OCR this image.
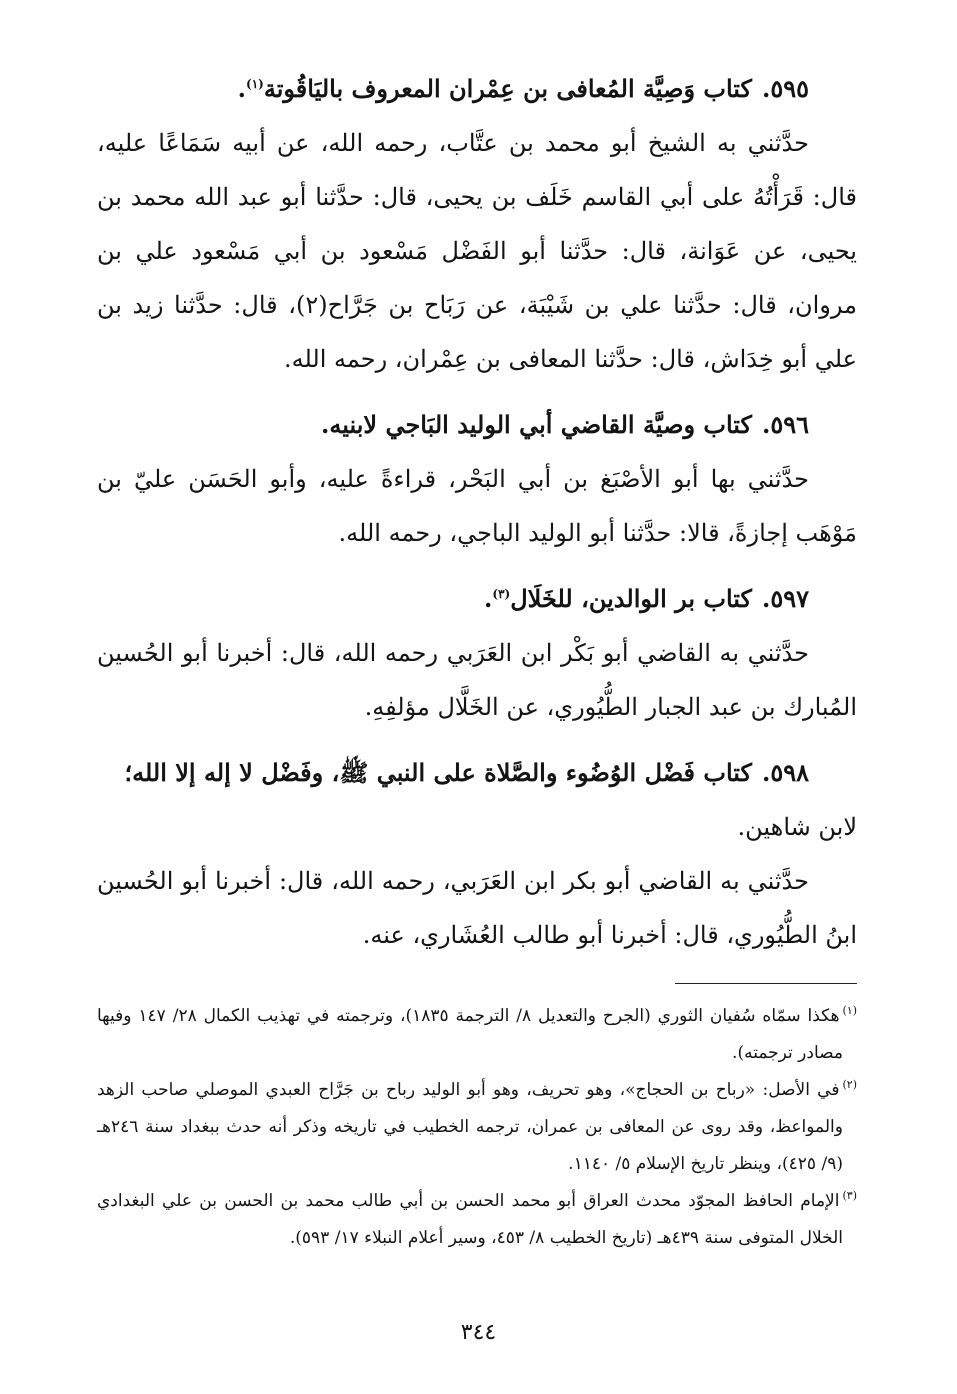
٥٩٥.كتاب وَصِيَّة المُعافى بن عِمْران المعروف باليَاقُوتة$^{(١)}$.

حدَّثني به الشيخ أبو محمد بن عتَّاب، رحمه الله، عن أبيه سَمَاعًا عليه، قال: قَرَأْتُهُ على أبي القاسم خَلَف بن يحيى، قال: حدَّثنا أبو عبد الله محمد بن يحيى، عن عَوَانة، قال: حدَّثنا أبو الفَضْل مَسْعود بن أبي مَسْعود علي بن مروان، قال: حدَّثنا علي بن شَيْبَة، عن رَبَاح بن جَرَّاح(٢)، قال: حدَّثنا زيد بن علي أبو خِدَاش، قال: حدَّثنا المعافى بن عِمْران، رحمه الله.

٥٩٦.كتاب وصيَّة القاضي أبي الوليد البَاجي لابنيه.

حدَّثني بها أبو الأصْبَغ بن أبي البَحْر، قراءةً عليه، وأبو الحَسَن عليّ بن مَوْهَب إجازةً، قالا: حدَّثنا أبو الوليد الباجي، رحمه الله.

٥٩٧.كتاب بر الوالدين، للخَلَال$^{(٣)}$.

حدَّثني به القاضي أبو بَكْر ابن العَرَبي رحمه الله، قال: أخبرنا أبو الحُسين المُبارك بن عبد الجبار الطُّيُوري، عن الخَلَّال مؤلفِهِ.

٥٩٨.كتاب فَضْل الوُضُوء والصَّلاة على النبي ﷺ، وفَضْل لا إله إلا الله؛

لابن شاهين.

حدَّثني به القاضي أبو بكر ابن العَرَبي، رحمه الله، قال: أخبرنا أبو الحُسين ابنُ الطُّيُوري، قال: أخبرنا أبو طالب العُشَاري، عنه.

$^{(١)}$هكذا سمّاه سُفيان الثوري (الجرح والتعديل ٨/ الترجمة ١٨٣٥)، وترجمته في تهذيب الكمال ٢٨/ ١٤٧ وفيها مصادر ترجمته).

$^{(٢)}$في الأصل: «رباح بن الحجاج»، وهو تحريف، وهو أبو الوليد رباح بن جَرَّاح العبدي الموصلي صاحب الزهد والمواعظ، وقد روى عن المعافى بن عمران، ترجمه الخطيب في تاريخه وذكر أنه حدث ببغداد سنة ٢٤٦هـ (٩/ ٤٢٥)، وينظر تاريخ الإسلام ٥/ ١١٤٠.

$^{(٣)}$الإمام الحافظ المجوّد محدث العراق أبو محمد الحسن بن أبي طالب محمد بن الحسن بن علي البغدادي الخلال المتوفى سنة ٤٣٩هـ (تاريخ الخطيب ٨/ ٤٥٣، وسير أعلام النبلاء ١٧/ ٥٩٣).

٣٤٤
